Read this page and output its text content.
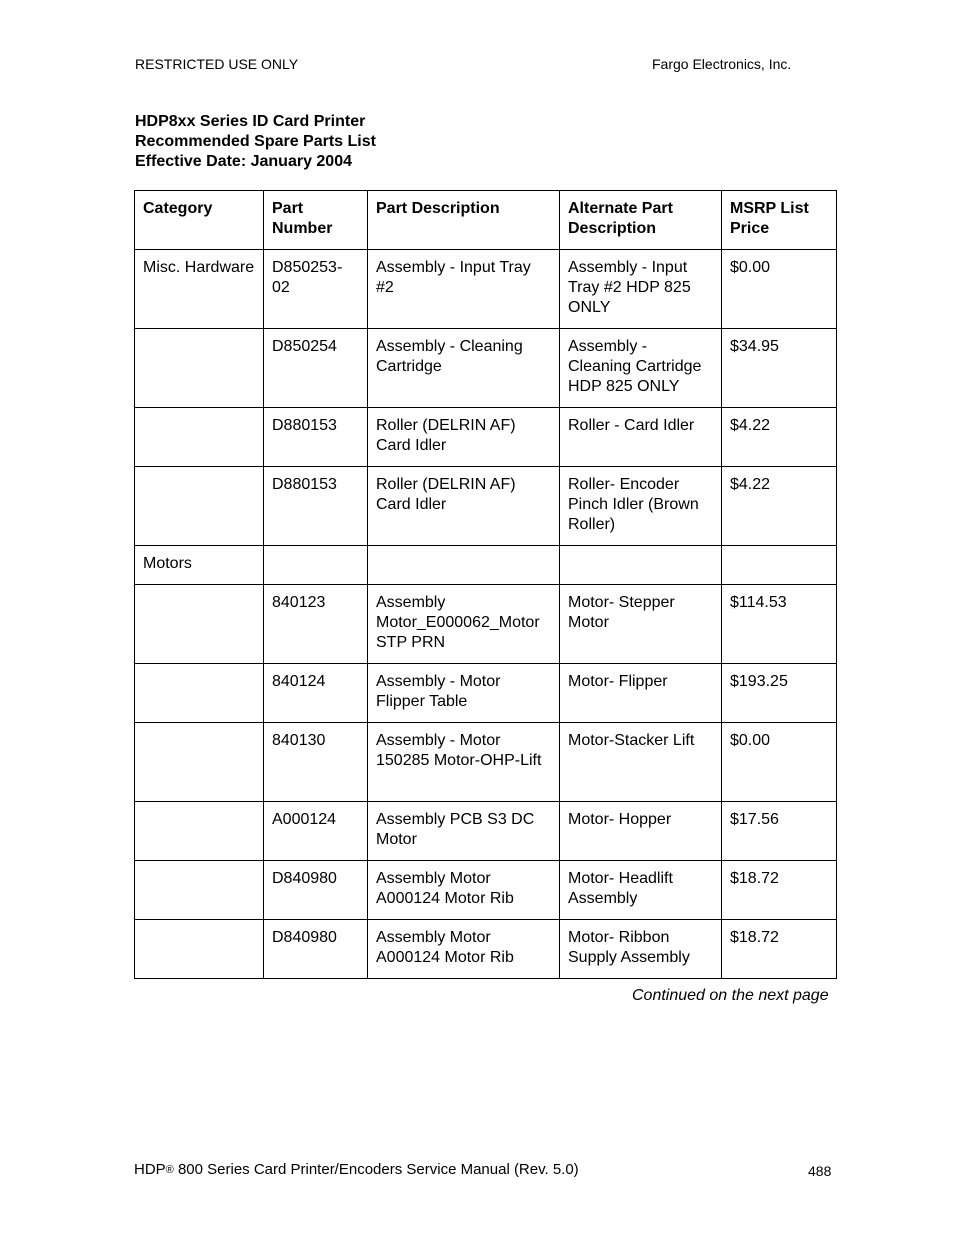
RESTRICTED USE ONLY	Fargo Electronics, Inc.
HDP8xx Series ID Card Printer
Recommended Spare Parts List
Effective Date: January 2004
Category	Part Number	Part Description	Alternate Part Description	MSRP List Price
Misc. Hardware	D850253-02	Assembly - Input Tray #2	Assembly - Input Tray #2 HDP 825 ONLY	$0.00
	D850254	Assembly - Cleaning Cartridge	Assembly - Cleaning Cartridge HDP 825 ONLY	$34.95
	D880153	Roller (DELRIN AF) Card Idler	Roller - Card Idler	$4.22
	D880153	Roller (DELRIN AF) Card Idler	Roller- Encoder Pinch Idler (Brown Roller)	$4.22
Motors				
	840123	Assembly Motor_E000062_Motor STP PRN	Motor- Stepper Motor	$114.53
	840124	Assembly - Motor Flipper Table	Motor- Flipper	$193.25
	840130	Assembly - Motor 150285 Motor-OHP-Lift	Motor-Stacker Lift	$0.00
	A000124	Assembly PCB S3 DC Motor	Motor- Hopper	$17.56
	D840980	Assembly Motor A000124 Motor Rib	Motor- Headlift Assembly	$18.72
	D840980	Assembly Motor A000124 Motor Rib	Motor- Ribbon Supply Assembly	$18.72
Continued on the next page
HDP® 800 Series Card Printer/Encoders Service Manual (Rev. 5.0)	488
